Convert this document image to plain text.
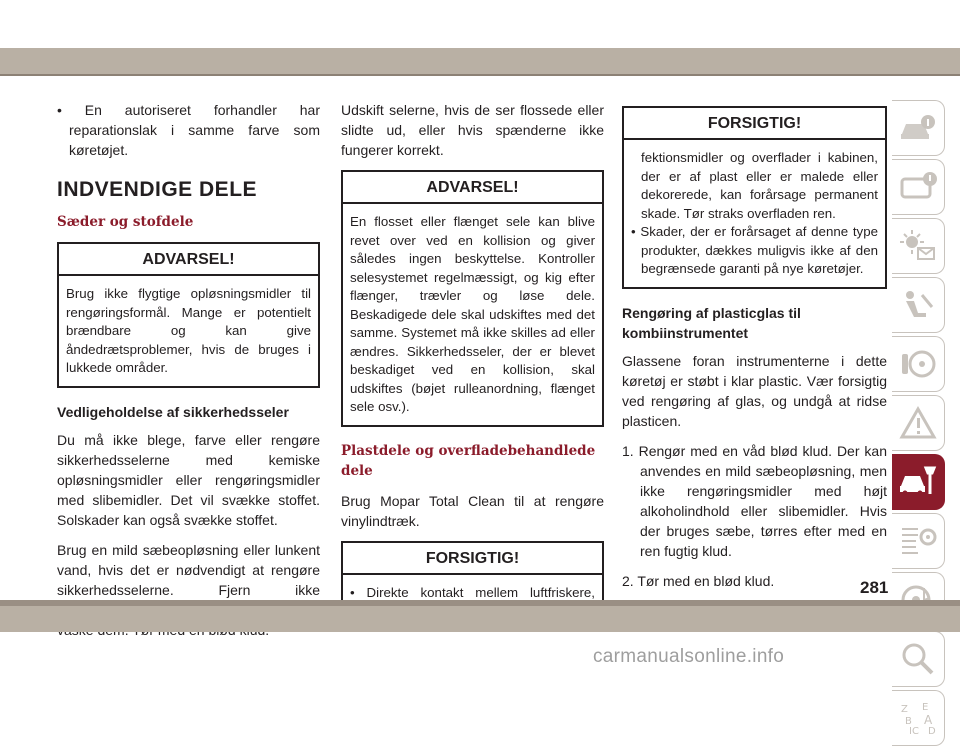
• En autoriseret forhandler har reparationslak i samme farve som køretøjet.

INDVENDIGE DELE
Sæder og stofdele
ADVARSEL!

Brug ikke flygtige opløsningsmidler til rengøringsformål. Mange er potentielt brændbare og kan give åndedrætsproblemer, hvis de bruges i lukkede områder.

Vedligeholdelse af sikkerhedsseler

Du må ikke blege, farve eller rengøre sikkerhedsselerne med kemiske opløsningsmidler eller rengøringsmidler med slibemidler. Det vil svække stoffet. Solskader kan også svække stoffet.

Brug en mild sæbeopløsning eller lunkent vand, hvis det er nødvendigt at rengøre sikkerhedsselerne. Fjern ikke

Udskift selerne, hvis de ser flossede eller slidte ud, eller hvis spænderne ikke fungerer korrekt.

ADVARSEL!

En flosset eller flænget sele kan blive revet over ved en kollision og giver således ingen beskyttelse. Kontroller selesystemet regelmæssigt, og kig efter flænger, trævler og løse dele. Beskadigede dele skal udskiftes med det samme. Systemet må ikke skilles ad eller ændres. Sikkerhedsseler, der er blevet beskadiget ved en kollision, skal udskiftes (bøjet rulleanordning, flænget sele osv.).

Plastdele og overfladebehandlede dele

Brug Mopar Total Clean til at rengøre vinylindtræk.

FORSIGTIG!

• Direkte kontakt mellem luftfriskere,

FORSIGTIG!

fektionsmidler og overflader i kabinen, der er af plast eller er malede eller dekorerede, kan forårsage permanent skade. Tør straks overfladen ren.

• Skader, der er forårsaget af denne type produkter, dækkes muligvis ikke af den begrænsede garanti på nye køretøjer.

Rengøring af plasticglas til kombiinstrumentet

Glassene foran instrumenterne i dette køretøj er støbt i klar plastic. Vær forsigtig ved rengøring af glas, og undgå at ridse plasticen.

1. Rengør med en våd blød klud. Der kan anvendes en mild sæbeopløsning, men ikke rengøringsmidler med højt alkoholindhold eller slibemidler. Hvis der bruges sæbe, tørres efter med en ren fugtig klud.

2. Tør med en blød klud.

Z E
B A
IC D
281
carmanualsonline.info
